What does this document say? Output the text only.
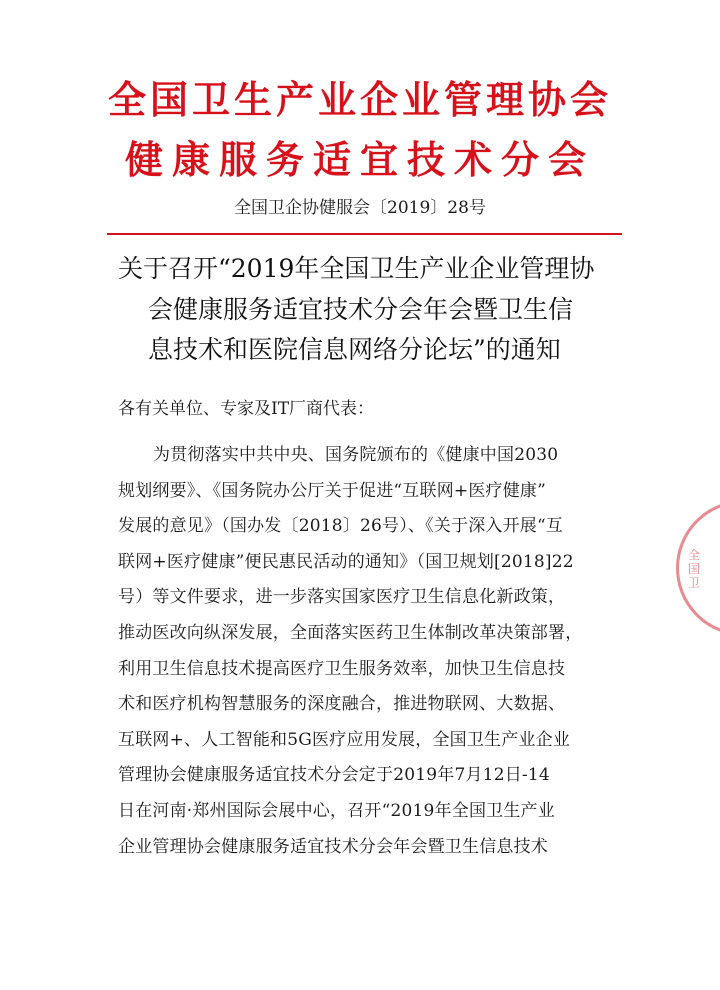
全国卫生产业企业管理协会
健康服务适宜技术分会
全国卫企协健服会〔2019〕28号
关于召开“2019年全国卫生产业企业管理协
会健康服务适宜技术分会年会暨卫生信
息技术和医院信息网络分论坛”的通知
各有关单位、专家及IT厂商代表：
为贯彻落实中共中央、国务院颁布的《健康中国2030
规划纲要》、《国务院办公厅关于促进“互联网+医疗健康”
发展的意见》（国办发〔2018〕26号）、《关于深入开展“互
联网+医疗健康”便民惠民活动的通知》（国卫规划[2018]22
号）等文件要求，进一步落实国家医疗卫生信息化新政策，
推动医改向纵深发展，全面落实医药卫生体制改革决策部署，
利用卫生信息技术提高医疗卫生服务效率，加快卫生信息技
术和医疗机构智慧服务的深度融合，推进物联网、大数据、
互联网+、人工智能和5G医疗应用发展，全国卫生产业企业
管理协会健康服务适宜技术分会定于2019年7月12日-14
日在河南·郑州国际会展中心，召开“2019年全国卫生产业
企业管理协会健康服务适宜技术分会年会暨卫生信息技术
全国卫
